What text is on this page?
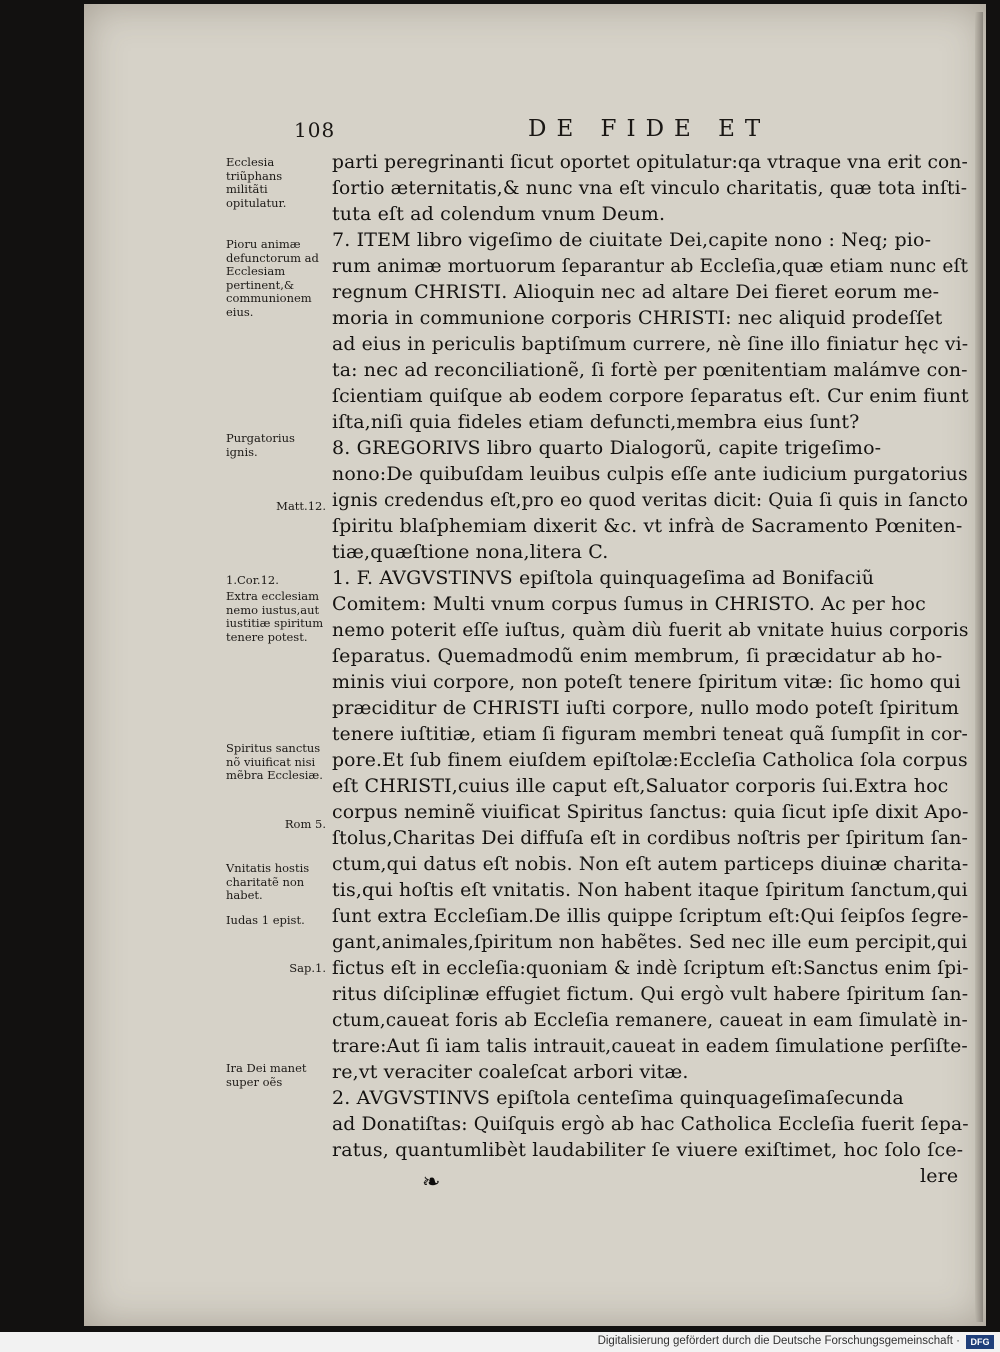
108	DE FIDE ET

Ecclesia triũphans militãti opitulatur.

Pioru animæ defunctorum ad Ecclesiam pertinent,& communionem eius.

Purgatorius ignis.

Matt.12.

1.Cor.12.

Extra ecclesiam nemo iustus,aut iustitiæ spiritum tenere potest.

Spiritus sanctus nõ viuificat nisi mẽbra Ecclesiæ.

Rom 5.

Vnitatis hostis charitatẽ non habet.

Iudas 1 epist.

Sap.1.

Ira Dei manet super oẽs

parti peregrinanti ſicut oportet opitulatur:qa vtraque vna erit con-

ſortio æternitatis,& nunc vna eſt vinculo charitatis, quæ tota inſti-

tuta eſt ad colendum vnum Deum.

7. ITEM libro vigeſimo de ciuitate Dei,capite nono : Neq; pio-

rum animæ mortuorum ſeparantur ab Eccleſia,quæ etiam nunc eſt

regnum CHRISTI. Alioquin nec ad altare Dei fieret eorum me-

moria in communione corporis CHRISTI: nec aliquid prodeſſet

ad eius in periculis baptiſmum currere, nè ſine illo finiatur hęc vi-

ta: nec ad reconciliationẽ, ſi fortè per pœnitentiam malámve con-

ſcientiam quiſque ab eodem corpore ſeparatus eſt. Cur enim fiunt

iſta,niſi quia fideles etiam defuncti,membra eius ſunt?

8. GREGORIVS libro quarto Dialogorũ, capite trigeſimo-

nono:De quibuſdam leuibus culpis eſſe ante iudicium purgatorius

ignis credendus eſt,pro eo quod veritas dicit: Quia ſi quis in ſancto

ſpiritu blaſphemiam dixerit &c. vt infrà de Sacramento Pœniten-

tiæ,quæſtione nona,litera C.

1. F. AVGVSTINVS epiſtola quinquageſima ad Bonifaciũ

Comitem: Multi vnum corpus ſumus in CHRISTO. Ac per hoc

nemo poterit eſſe iuſtus, quàm diù fuerit ab vnitate huius corporis

ſeparatus. Quemadmodũ enim membrum, ſi præcidatur ab ho-

minis viui corpore, non poteſt tenere ſpiritum vitæ: ſic homo qui

præciditur de CHRISTI iuſti corpore, nullo modo poteſt ſpiritum

tenere iuſtitiæ, etiam ſi figuram membri teneat quã ſumpſit in cor-

pore.Et ſub finem eiuſdem epiſtolæ:Eccleſia Catholica ſola corpus

eſt CHRISTI,cuius ille caput eſt,Saluator corporis ſui.Extra hoc

corpus neminẽ viuificat Spiritus ſanctus: quia ſicut ipſe dixit Apo-

ſtolus,Charitas Dei diffuſa eſt in cordibus noſtris per ſpiritum ſan-

ctum,qui datus eſt nobis. Non eſt autem particeps diuinæ charita-

tis,qui hoſtis eſt vnitatis. Non habent itaque ſpiritum ſanctum,qui

ſunt extra Eccleſiam.De illis quippe ſcriptum eſt:Qui ſeipſos ſegre-

gant,animales,ſpiritum non habẽtes. Sed nec ille eum percipit,qui

fictus eſt in eccleſia:quoniam & indè ſcriptum eſt:Sanctus enim ſpi-

ritus diſciplinæ effugiet fictum. Qui ergò vult habere ſpiritum ſan-

ctum,caueat foris ab Eccleſia remanere, caueat in eam ſimulatè in-

trare:Aut ſi iam talis intrauit,caueat in eadem ſimulatione perſiſte-

re,vt veraciter coaleſcat arbori vitæ.

2. AVGVSTINVS epiſtola centeſima quinquageſimaſecunda

ad Donatiſtas: Quiſquis ergò ab hac Catholica Eccleſia fuerit ſepa-

ratus, quantumlibèt laudabiliter ſe viuere exiſtimet, hoc ſolo ſce-

lere

❧
Digitalisierung gefördert durch die Deutsche Forschungsgemeinschaft ·	DFG
